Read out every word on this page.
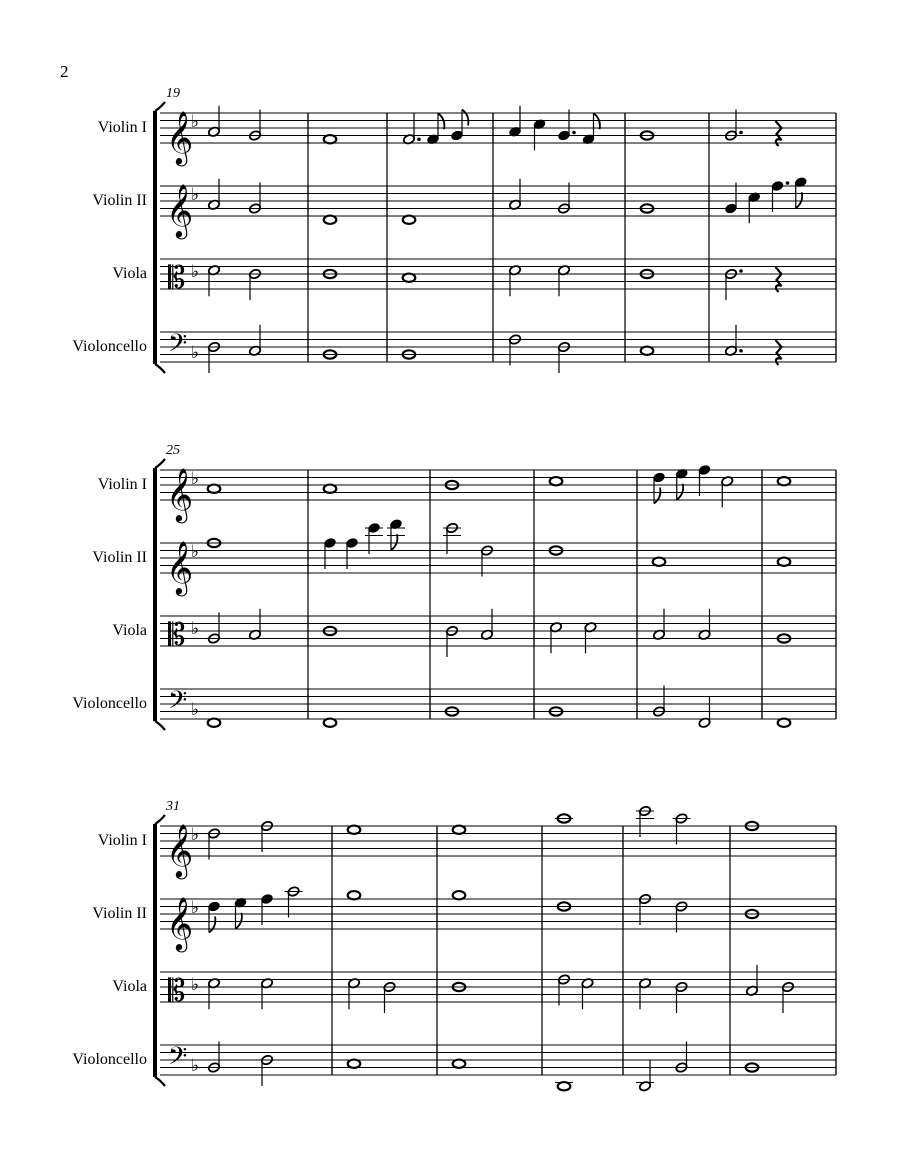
2
19
Violin I 𝄞
♭
Violin II 𝄞
♭
Viola 𝄡 ♭
Violoncello 𝄢 ♭
25
Violin I 𝄞
♭
Violin II 𝄞
♭
Viola 𝄡 ♭
Violoncello 𝄢 ♭
31
Violin I 𝄞
♭
Violin II 𝄞
♭
Viola 𝄡 ♭
Violoncello 𝄢 ♭
